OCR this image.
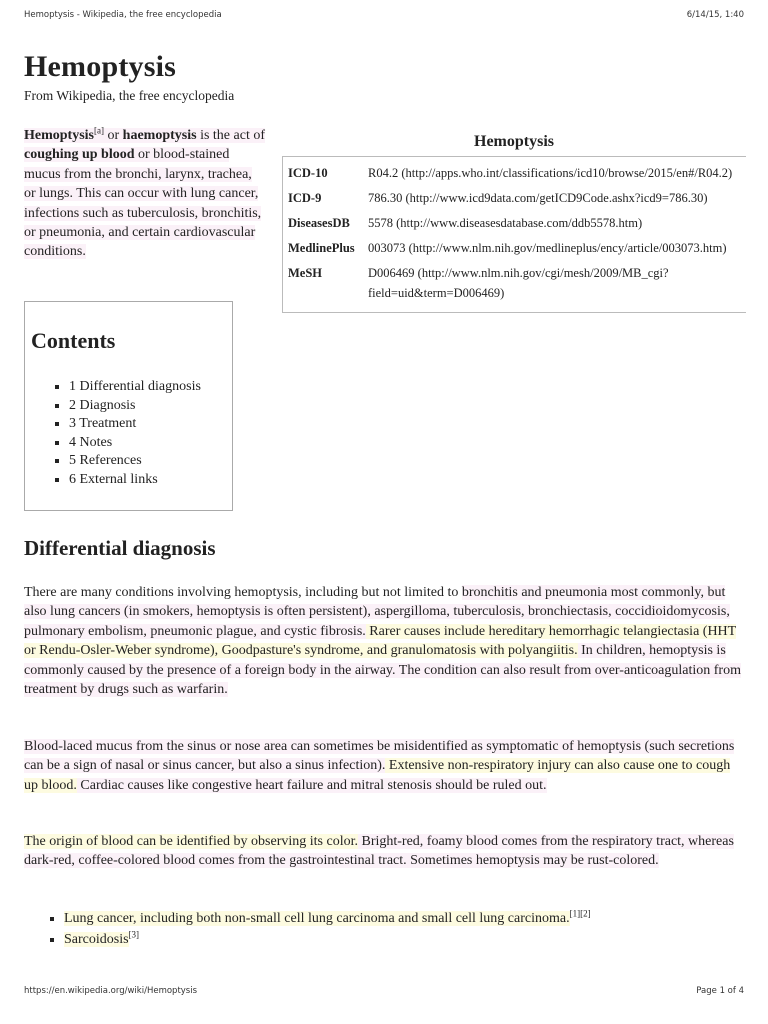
Hemoptysis - Wikipedia, the free encyclopedia	6/14/15, 1:40
Hemoptysis
From Wikipedia, the free encyclopedia
Hemoptysis[a] or haemoptysis is the act of coughing up blood or blood-stained mucus from the bronchi, larynx, trachea, or lungs. This can occur with lung cancer, infections such as tuberculosis, bronchitis, or pneumonia, and certain cardiovascular conditions.
Contents
▪ 1 Differential diagnosis
▪ 2 Diagnosis
▪ 3 Treatment
▪ 4 Notes
▪ 5 References
▪ 6 External links
Hemoptysis
ICD-10	R04.2 (http://apps.who.int/classifications/icd10/browse/2015/en#/R04.2)
ICD-9	786.30 (http://www.icd9data.com/getICD9Code.ashx?icd9=786.30)
DiseasesDB	5578 (http://www.diseasesdatabase.com/ddb5578.htm)
MedlinePlus	003073 (http://www.nlm.nih.gov/medlineplus/ency/article/003073.htm)
MeSH	D006469 (http://www.nlm.nih.gov/cgi/mesh/2009/MB_cgi?field=uid&term=D006469)
Differential diagnosis

There are many conditions involving hemoptysis, including but not limited to bronchitis and pneumonia most commonly, but also lung cancers (in smokers, hemoptysis is often persistent), aspergilloma, tuberculosis, bronchiectasis, coccidioidomycosis, pulmonary embolism, pneumonic plague, and cystic fibrosis. Rarer causes include hereditary hemorrhagic telangiectasia (HHT or Rendu-Osler-Weber syndrome), Goodpasture's syndrome, and granulomatosis with polyangiitis. In children, hemoptysis is commonly caused by the presence of a foreign body in the airway. The condition can also result from over-anticoagulation from treatment by drugs such as warfarin.

Blood-laced mucus from the sinus or nose area can sometimes be misidentified as symptomatic of hemoptysis (such secretions can be a sign of nasal or sinus cancer, but also a sinus infection). Extensive non-respiratory injury can also cause one to cough up blood. Cardiac causes like congestive heart failure and mitral stenosis should be ruled out.

The origin of blood can be identified by observing its color. Bright-red, foamy blood comes from the respiratory tract, whereas dark-red, coffee-colored blood comes from the gastrointestinal tract. Sometimes hemoptysis may be rust-colored.

▪ Lung cancer, including both non-small cell lung carcinoma and small cell lung carcinoma.[1][2]
▪ Sarcoidosis[3]
https://en.wikipedia.org/wiki/Hemoptysis	Page 1 of 4
